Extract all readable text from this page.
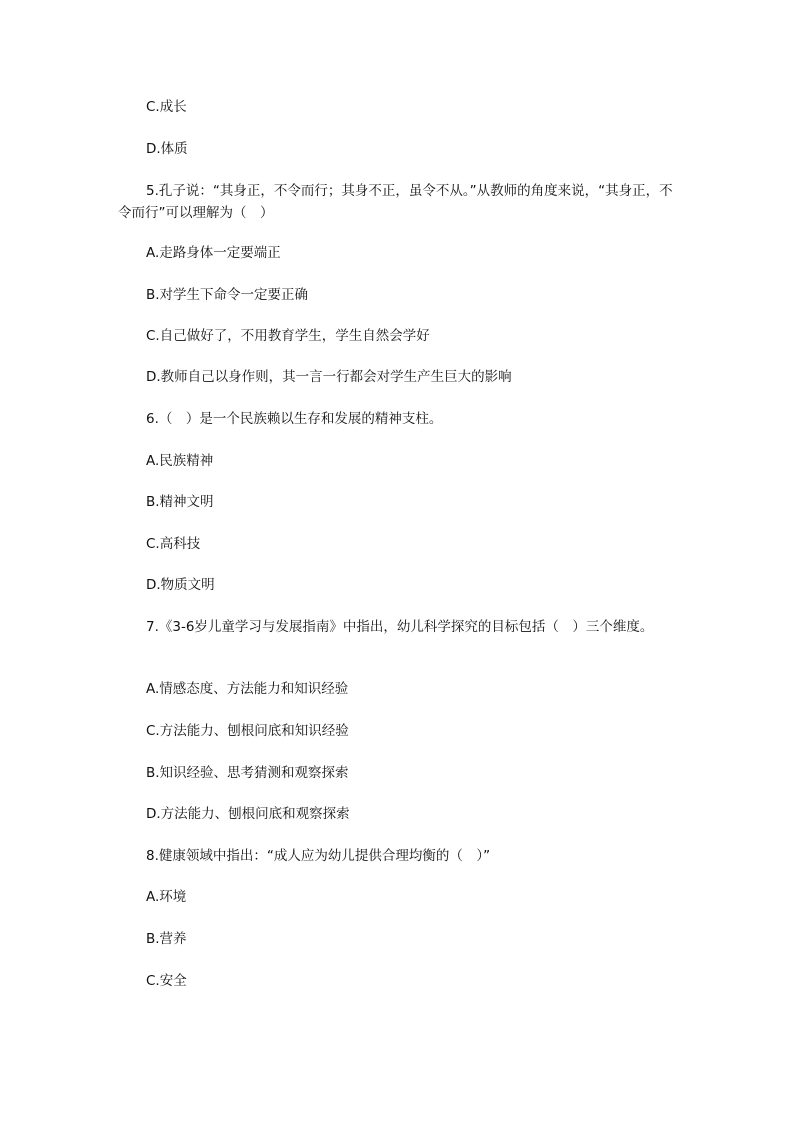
C.成长
D.体质
5.孔子说：“其身正，不令而行；其身不正，虽令不从。”从教师的角度来说，“其身正，不令而行”可以理解为（　）
A.走路身体一定要端正
B.对学生下命令一定要正确
C.自己做好了，不用教育学生，学生自然会学好
D.教师自己以身作则，其一言一行都会对学生产生巨大的影响
6.（　）是一个民族赖以生存和发展的精神支柱。
A.民族精神
B.精神文明
C.高科技
D.物质文明
7.《3-6岁儿童学习与发展指南》中指出，幼儿科学探究的目标包括（　）三个维度。
A.情感态度、方法能力和知识经验
C.方法能力、刨根问底和知识经验
B.知识经验、思考猜测和观察探索
D.方法能力、刨根问底和观察探索
8.健康领域中指出：“成人应为幼儿提供合理均衡的（　）”
A.环境
B.营养
C.安全
